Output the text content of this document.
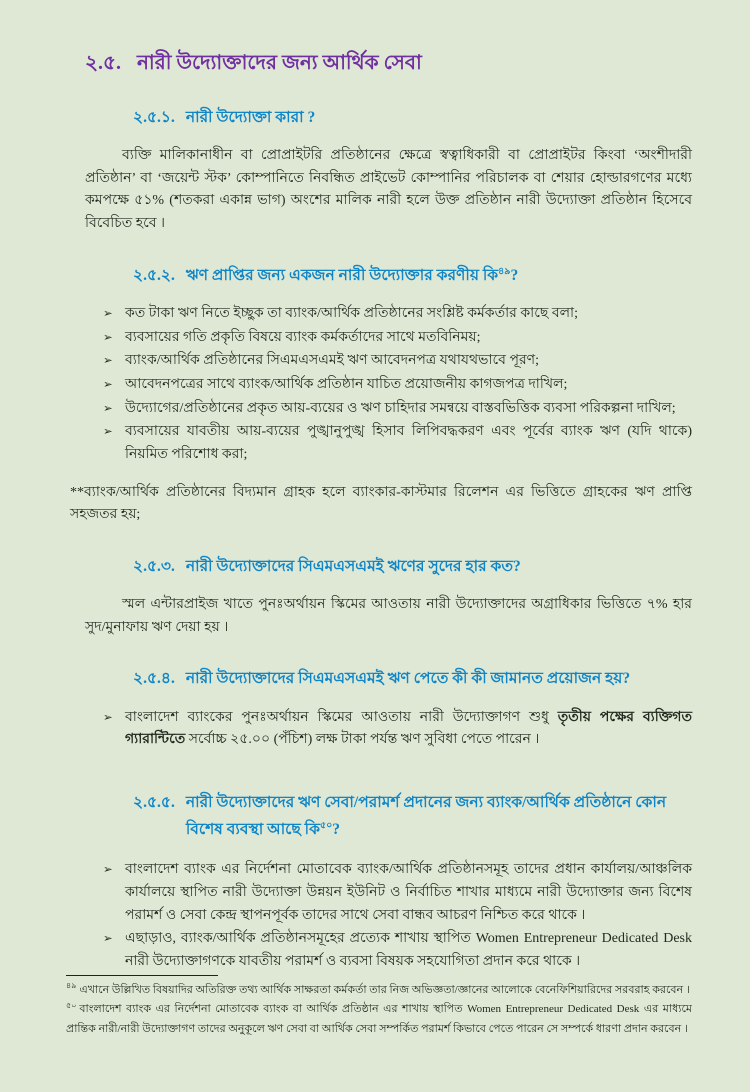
২.৫. নারী উদ্যোক্তাদের জন্য আর্থিক সেবা
২.৫.১. নারী উদ্যোক্তা কারা ?

ব্যক্তি মালিকানাধীন বা প্রোপ্রাইটরি প্রতিষ্ঠানের ক্ষেত্রে স্বত্বাধিকারী বা প্রোপ্রাইটর কিংবা ‘অংশীদারী প্রতিষ্ঠান’ বা ‘জয়েন্ট স্টক’ কোম্পানিতে নিবন্ধিত প্রাইভেট কোম্পানির পরিচালক বা শেয়ার হোল্ডারগণের মধ্যে কমপক্ষে ৫১% (শতকরা একান্ন ভাগ) অংশের মালিক নারী হলে উক্ত প্রতিষ্ঠান নারী উদ্যোক্তা প্রতিষ্ঠান হিসেবে বিবেচিত হবে ।

২.৫.২. ঋণ প্রাপ্তির জন্য একজন নারী উদ্যোক্তার করণীয় কি$^{৪৯}$?
➢ কত টাকা ঋণ নিতে ইচ্ছুক তা ব্যাংক/আর্থিক প্রতিষ্ঠানের সংশ্লিষ্ট কর্মকর্তার কাছে বলা;
➢ ব্যবসায়ের গতি প্রকৃতি বিষয়ে ব্যাংক কর্মকর্তাদের সাথে মতবিনিময়;
➢ ব্যাংক/আর্থিক প্রতিষ্ঠানের সিএমএসএমই ঋণ আবেদনপত্র যথাযথভাবে পূরণ;
➢ আবেদনপত্রের সাথে ব্যাংক/আর্থিক প্রতিষ্ঠান যাচিত প্রয়োজনীয় কাগজপত্র দাখিল;
➢ উদ্যোগের/প্রতিষ্ঠানের প্রকৃত আয়-ব্যয়ের ও ঋণ চাহিদার সমন্বয়ে বাস্তবভিত্তিক ব্যবসা পরিকল্পনা দাখিল;
➢ ব্যবসায়ের যাবতীয় আয়-ব্যয়ের পুঙ্খানুপুঙ্খ হিসাব লিপিবদ্ধকরণ এবং পূর্বের ব্যাংক ঋণ (যদি থাকে) নিয়মিত পরিশোধ করা;

**ব্যাংক/আর্থিক প্রতিষ্ঠানের বিদ্যমান গ্রাহক হলে ব্যাংকার-কাস্টমার রিলেশন এর ভিত্তিতে গ্রাহকের ঋণ প্রাপ্তি সহজতর হয়;

২.৫.৩. নারী উদ্যোক্তাদের সিএমএসএমই ঋণের সুদের হার কত?

স্মল এন্টারপ্রাইজ খাতে পুনঃঅর্থায়ন স্কিমের আওতায় নারী উদ্যোক্তাদের অগ্রাধিকার ভিত্তিতে ৭% হার সুদ/মুনাফায় ঋণ দেয়া হয় ।

২.৫.৪. নারী উদ্যোক্তাদের সিএমএসএমই ঋণ পেতে কী কী জামানত প্রয়োজন হয়?
➢ বাংলাদেশ ব্যাংকের পুনঃঅর্থায়ন স্কিমের আওতায় নারী উদ্যোক্তাগণ শুধু তৃতীয় পক্ষের ব্যক্তিগত গ্যারান্টিতে সর্বোচ্চ ২৫.০০ (পঁচিশ) লক্ষ টাকা পর্যন্ত ঋণ সুবিধা পেতে পারেন ।
২.৫.৫. নারী উদ্যোক্তাদের ঋণ সেবা/পরামর্শ প্রদানের জন্য ব্যাংক/আর্থিক প্রতিষ্ঠানে কোন বিশেষ ব্যবস্থা আছে কি$^{৫০}$?
➢ বাংলাদেশ ব্যাংক এর নির্দেশনা মোতাবেক ব্যাংক/আর্থিক প্রতিষ্ঠানসমূহ তাদের প্রধান কার্যালয়/আঞ্চলিক কার্যালয়ে স্থাপিত নারী উদ্যোক্তা উন্নয়ন ইউনিট ও নির্বাচিত শাখার মাধ্যমে নারী উদ্যোক্তার জন্য বিশেষ পরামর্শ ও সেবা কেন্দ্র স্থাপনপূর্বক তাদের সাথে সেবা বান্ধব আচরণ নিশ্চিত করে থাকে ।
➢ এছাড়াও, ব্যাংক/আর্থিক প্রতিষ্ঠানসমূহের প্রত্যেক শাখায় স্থাপিত Women Entrepreneur Dedicated Desk নারী উদ্যোক্তাগণকে যাবতীয় পরামর্শ ও ব্যবসা বিষয়ক সহযোগিতা প্রদান করে থাকে ।
$^{৪৯}$ এখানে উল্লিখিত বিষয়াদির অতিরিক্ত তথ্য আর্থিক সাক্ষরতা কর্মকর্তা তার নিজ অভিজ্ঞতা/জ্ঞানের আলোকে বেনেফিশিয়ারিদের সরবরাহ করবেন ।
$^{৫০}$ বাংলাদেশ ব্যাংক এর নির্দেশনা মোতাবেক ব্যাংক বা আর্থিক প্রতিষ্ঠান এর শাখায় স্থাপিত Women Entrepreneur Dedicated Desk এর মাধ্যমে প্রান্তিক নারী/নারী উদ্যোক্তাগণ তাদের অনুকূলে ঋণ সেবা বা আর্থিক সেবা সম্পর্কিত পরামর্শ কিভাবে পেতে পারেন সে সম্পর্কে ধারণা প্রদান করবেন ।
